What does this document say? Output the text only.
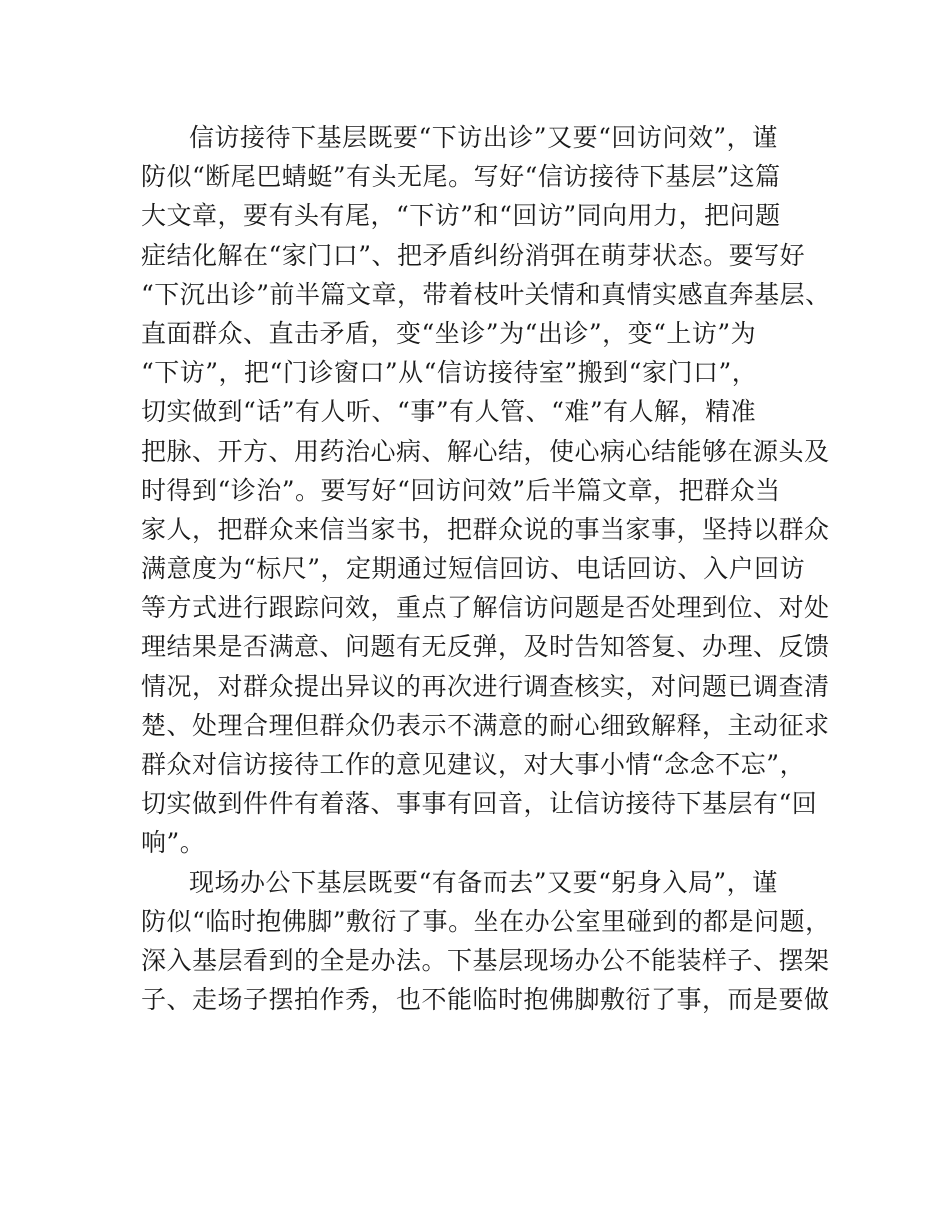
信访接待下基层既要“下访出诊”又要“回访问效”，谨
防似“断尾巴蜻蜓”有头无尾。写好“信访接待下基层”这篇
大文章，要有头有尾，“下访”和“回访”同向用力，把问题
症结化解在“家门口”、把矛盾纠纷消弭在萌芽状态。要写好
“下沉出诊”前半篇文章，带着枝叶关情和真情实感直奔基层、
直面群众、直击矛盾，变“坐诊”为“出诊”，变“上访”为
“下访”，把“门诊窗口”从“信访接待室”搬到“家门口”，
切实做到“话”有人听、“事”有人管、“难”有人解，精准
把脉、开方、用药治心病、解心结，使心病心结能够在源头及
时得到“诊治”。要写好“回访问效”后半篇文章，把群众当
家人，把群众来信当家书，把群众说的事当家事，坚持以群众
满意度为“标尺”，定期通过短信回访、电话回访、入户回访
等方式进行跟踪问效，重点了解信访问题是否处理到位、对处
理结果是否满意、问题有无反弹，及时告知答复、办理、反馈
情况，对群众提出异议的再次进行调查核实，对问题已调查清
楚、处理合理但群众仍表示不满意的耐心细致解释，主动征求
群众对信访接待工作的意见建议，对大事小情“念念不忘”，
切实做到件件有着落、事事有回音，让信访接待下基层有“回
响”。
现场办公下基层既要“有备而去”又要“躬身入局”，谨
防似“临时抱佛脚”敷衍了事。坐在办公室里碰到的都是问题，
深入基层看到的全是办法。下基层现场办公不能装样子、摆架
子、走场子摆拍作秀，也不能临时抱佛脚敷衍了事，而是要做
